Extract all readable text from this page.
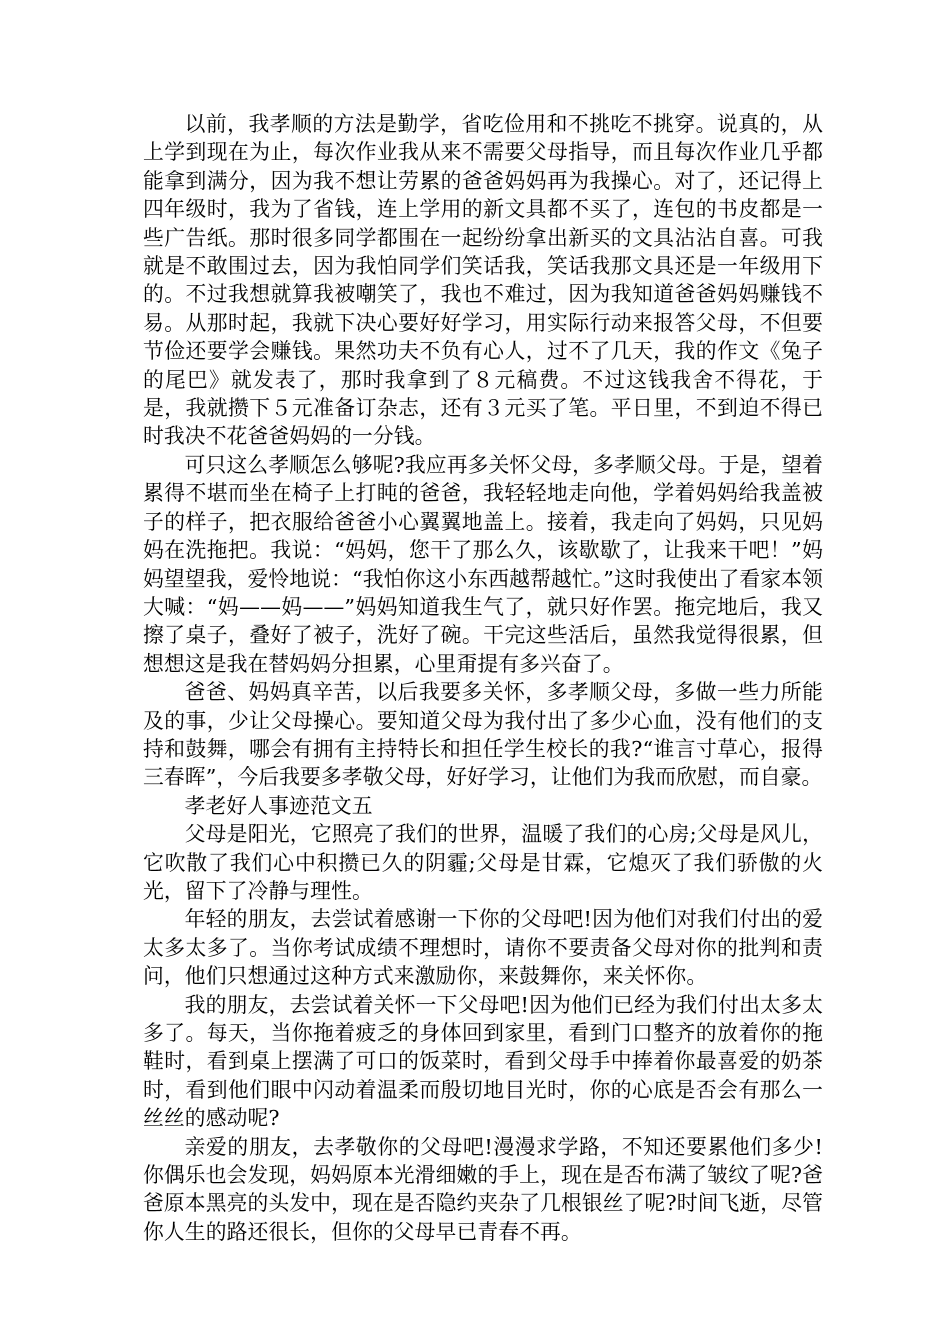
以前，我孝顺的方法是勤学，省吃俭用和不挑吃不挑穿。说真的，从上学到现在为止，每次作业我从来不需要父母指导，而且每次作业几乎都能拿到满分，因为我不想让劳累的爸爸妈妈再为我操心。对了，还记得上四年级时，我为了省钱，连上学用的新文具都不买了，连包的书皮都是一些广告纸。那时很多同学都围在一起纷纷拿出新买的文具沾沾自喜。可我就是不敢围过去，因为我怕同学们笑话我，笑话我那文具还是一年级用下的。不过我想就算我被嘲笑了，我也不难过，因为我知道爸爸妈妈赚钱不易。从那时起，我就下决心要好好学习，用实际行动来报答父母，不但要节俭还要学会赚钱。果然功夫不负有心人，过不了几天，我的作文《兔子的尾巴》就发表了，那时我拿到了８元稿费。不过这钱我舍不得花，于是，我就攒下５元准备订杂志，还有３元买了笔。平日里，不到迫不得已时我决不花爸爸妈妈的一分钱。

可只这么孝顺怎么够呢?我应再多关怀父母，多孝顺父母。于是，望着累得不堪而坐在椅子上打盹的爸爸，我轻轻地走向他，学着妈妈给我盖被子的样子，把衣服给爸爸小心翼翼地盖上。接着，我走向了妈妈，只见妈妈在洗拖把。我说：“妈妈，您干了那么久，该歇歇了，让我来干吧！”妈妈望望我，爱怜地说：“我怕你这小东西越帮越忙。”这时我使出了看家本领大喊：“妈——妈——”妈妈知道我生气了，就只好作罢。拖完地后，我又擦了桌子，叠好了被子，洗好了碗。干完这些活后，虽然我觉得很累，但想想这是我在替妈妈分担累，心里甭提有多兴奋了。

爸爸、妈妈真辛苦，以后我要多关怀，多孝顺父母，多做一些力所能及的事，少让父母操心。要知道父母为我付出了多少心血，没有他们的支持和鼓舞，哪会有拥有主持特长和担任学生校长的我?“谁言寸草心，报得三春晖”，今后我要多孝敬父母，好好学习，让他们为我而欣慰，而自豪。

孝老好人事迹范文五

父母是阳光，它照亮了我们的世界，温暖了我们的心房;父母是风儿，它吹散了我们心中积攒已久的阴霾;父母是甘霖，它熄灭了我们骄傲的火光，留下了冷静与理性。

年轻的朋友，去尝试着感谢一下你的父母吧!因为他们对我们付出的爱太多太多了。当你考试成绩不理想时，请你不要责备父母对你的批判和责问，他们只想通过这种方式来激励你，来鼓舞你，来关怀你。

我的朋友，去尝试着关怀一下父母吧!因为他们已经为我们付出太多太多了。每天，当你拖着疲乏的身体回到家里，看到门口整齐的放着你的拖鞋时，看到桌上摆满了可口的饭菜时，看到父母手中捧着你最喜爱的奶茶时，看到他们眼中闪动着温柔而殷切地目光时，你的心底是否会有那么一丝丝的感动呢?

亲爱的朋友，去孝敬你的父母吧!漫漫求学路，不知还要累他们多少!你偶乐也会发现，妈妈原本光滑细嫩的手上，现在是否布满了皱纹了呢?爸爸原本黑亮的头发中，现在是否隐约夹杂了几根银丝了呢?时间飞逝，尽管你人生的路还很长，但你的父母早已青春不再。
